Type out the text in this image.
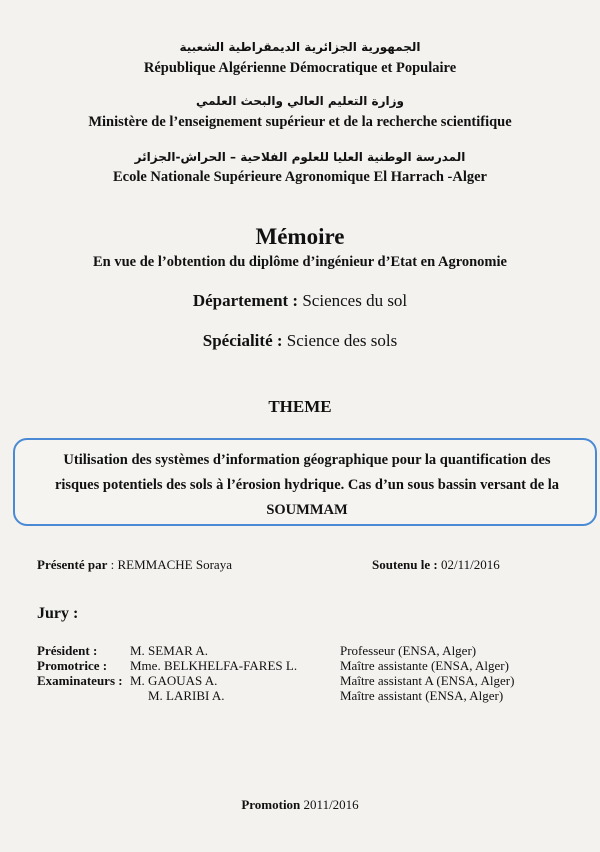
الجمهورية الجزائرية الديمقراطية الشعبية
République Algérienne Démocratique et Populaire
وزارة التعليم العالي والبحث العلمي
Ministère de l’enseignement supérieur et de la recherche scientifique
المدرسة الوطنية العليا للعلوم الفلاحية – الحراش-الجزائر
Ecole Nationale Supérieure Agronomique El Harrach -Alger
Mémoire
En vue de l’obtention du diplôme d’ingénieur d’Etat en Agronomie
Département : Sciences du sol
Spécialité : Science des sols
THEME
Utilisation des systèmes d’information géographique pour la quantification des
risques potentiels des sols à l’érosion hydrique. Cas d’un sous bassin versant de la
SOUMMAM
Présenté par : REMMACHE Soraya	Soutenu le : 02/11/2016
Jury :
Président :	M. SEMAR A.	Professeur (ENSA, Alger)
Promotrice : Mme. BELKHELFA-FARES L.	Maître assistante (ENSA, Alger)
Examinateurs : M. GAOUAS A.	Maître assistant A (ENSA, Alger)
M. LARIBI A.	Maître assistant (ENSA, Alger)
Promotion 2011/2016
